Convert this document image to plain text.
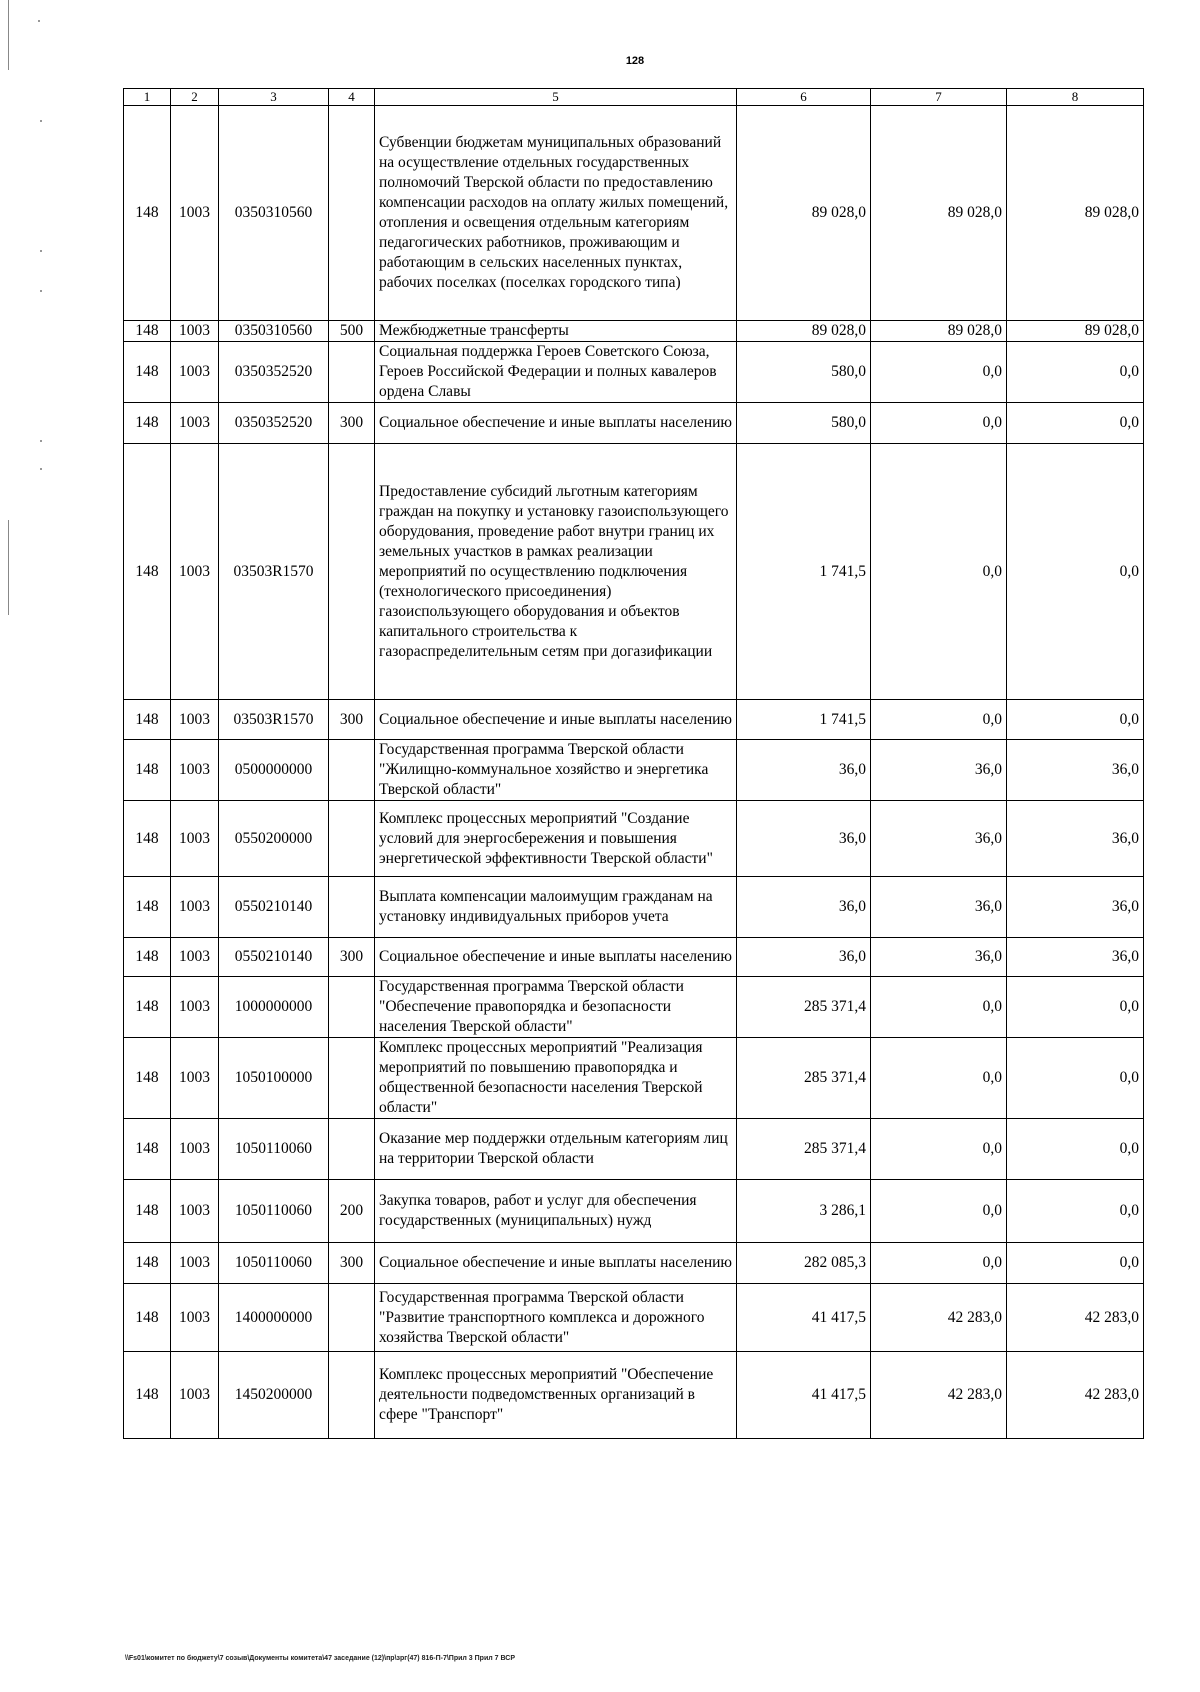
128
1	2	3	4	5	6	7	8
148	1003	0350310560		Субвенции бюджетам муниципальных образований на осуществление отдельных государственных полномочий Тверской области по предоставлению компенсации расходов на оплату жилых помещений, отопления и освещения отдельным категориям педагогических работников, проживающим и работающим в сельских населенных пунктах, рабочих поселках (поселках городского типа)	89 028,0	89 028,0	89 028,0
148	1003	0350310560	500	Межбюджетные трансферты	89 028,0	89 028,0	89 028,0
148	1003	0350352520		Социальная поддержка Героев Советского Союза, Героев Российской Федерации и полных кавалеров ордена Славы	580,0	0,0	0,0
148	1003	0350352520	300	Социальное обеспечение и иные выплаты населению	580,0	0,0	0,0
148	1003	03503R1570		Предоставление субсидий льготным категориям граждан на покупку и установку газоиспользующего оборудования, проведение работ внутри границ их земельных участков в рамках реализации мероприятий по осуществлению подключения (технологического присоединения) газоиспользующего оборудования и объектов капитального строительства к газораспределительным сетям при догазификации	1 741,5	0,0	0,0
148	1003	03503R1570	300	Социальное обеспечение и иные выплаты населению	1 741,5	0,0	0,0
148	1003	0500000000		Государственная программа Тверской области "Жилищно-коммунальное хозяйство и энергетика Тверской области"	36,0	36,0	36,0
148	1003	0550200000		Комплекс процессных мероприятий "Создание условий для энергосбережения и повышения энергетической эффективности Тверской области"	36,0	36,0	36,0
148	1003	0550210140		Выплата компенсации малоимущим гражданам на установку индивидуальных приборов учета	36,0	36,0	36,0
148	1003	0550210140	300	Социальное обеспечение и иные выплаты населению	36,0	36,0	36,0
148	1003	1000000000		Государственная программа Тверской области "Обеспечение правопорядка и безопасности населения Тверской области"	285 371,4	0,0	0,0
148	1003	1050100000		Комплекс процессных мероприятий "Реализация мероприятий по повышению правопорядка и общественной безопасности населения Тверской области"	285 371,4	0,0	0,0
148	1003	1050110060		Оказание мер поддержки отдельным категориям лиц на территории Тверской области	285 371,4	0,0	0,0
148	1003	1050110060	200	Закупка товаров, работ и услуг для обеспечения государственных (муниципальных) нужд	3 286,1	0,0	0,0
148	1003	1050110060	300	Социальное обеспечение и иные выплаты населению	282 085,3	0,0	0,0
148	1003	1400000000		Государственная программа Тверской области "Развитие транспортного комплекса и дорожного хозяйства Тверской области"	41 417,5	42 283,0	42 283,0
148	1003	1450200000		Комплекс процессных мероприятий "Обеспечение деятельности подведомственных организаций в сфере "Транспорт"	41 417,5	42 283,0	42 283,0
\\Fs01\комитет по бюджету\7 созыв\Документы комитета\47 заседание (12)\пр\зрг(47) 816-П-7\Прил 3 Прил 7 ВСР
